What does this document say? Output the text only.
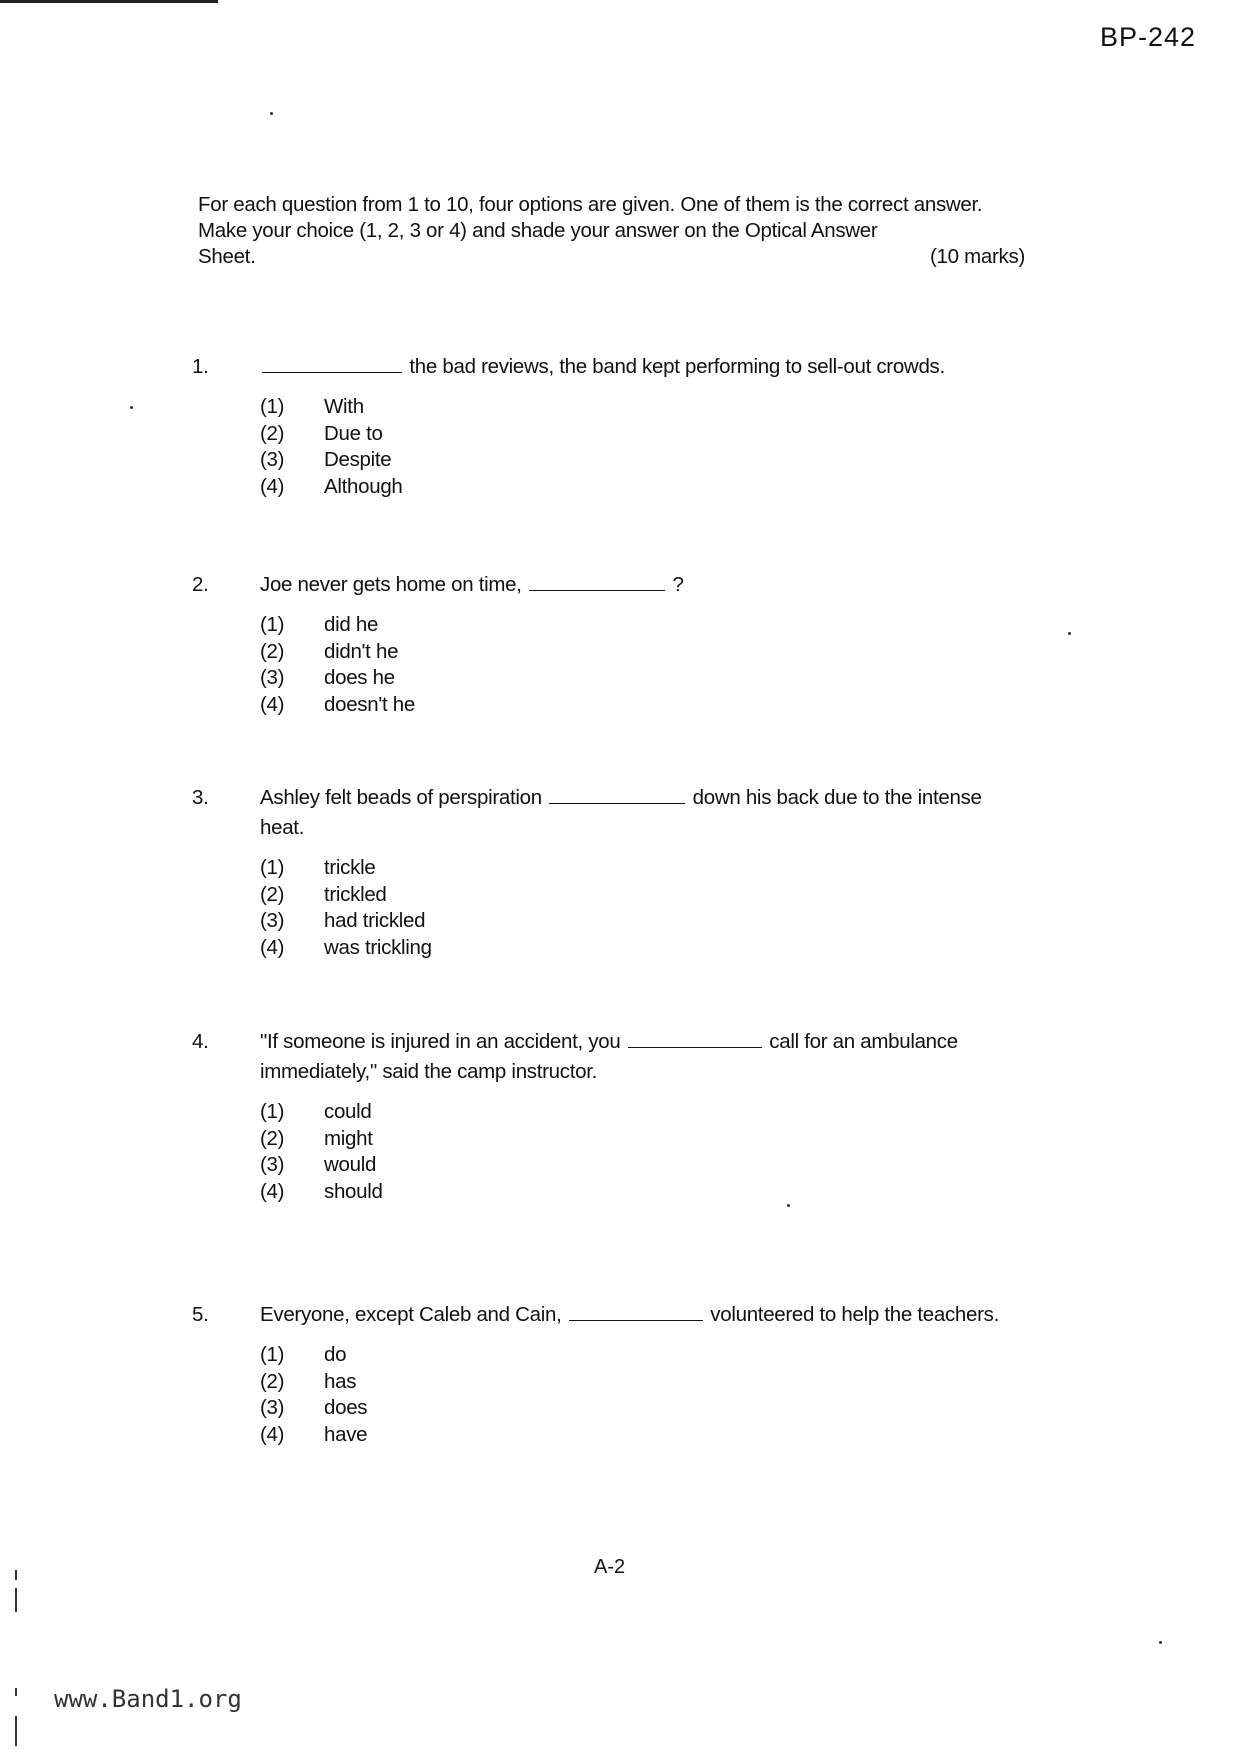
BP-242
For each question from 1 to 10, four options are given. One of them is the correct answer. Make your choice (1, 2, 3 or 4) and shade your answer on the Optical Answer
Sheet.	(10 marks)
1.	the bad reviews, the band kept performing to sell-out crowds.
(1)	With
(2)	Due to
(3)	Despite
(4)	Although
2.	Joe never gets home on time,	?
(1)	did he
(2)	didn't he
(3)	does he
(4)	doesn't he
3.	Ashley felt beads of perspiration	down his back due to the intense heat.
(1)	trickle
(2)	trickled
(3)	had trickled
(4)	was trickling
4.	"If someone is injured in an accident, you	call for an ambulance immediately," said the camp instructor.
(1)	could
(2)	might
(3)	would
(4)	should
5.	Everyone, except Caleb and Cain,	volunteered to help the teachers.
(1)	do
(2)	has
(3)	does
(4)	have
A-2
www.Band1.org
